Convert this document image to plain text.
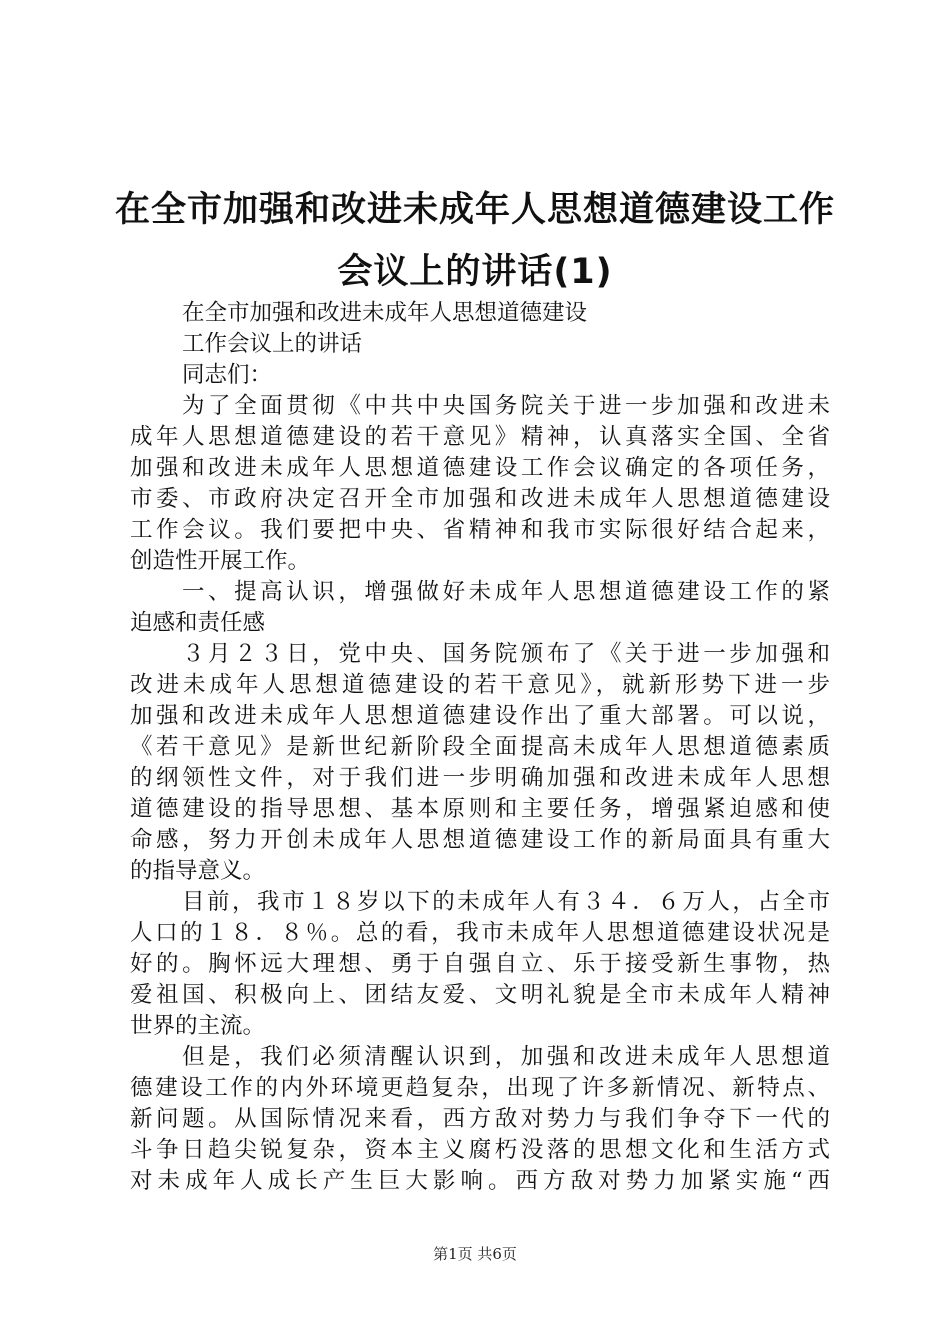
在全市加强和改进未成年人思想道德建设工作
会议上的讲话(1)
在全市加强和改进未成年人思想道德建设
工作会议上的讲话
同志们：
为了全面贯彻《中共中央国务院关于进一步加强和改进未
成年人思想道德建设的若干意见》精神，认真落实全国、全省
加强和改进未成年人思想道德建设工作会议确定的各项任务，
市委、市政府决定召开全市加强和改进未成年人思想道德建设
工作会议。我们要把中央、省精神和我市实际很好结合起来，
创造性开展工作。
一、提高认识，增强做好未成年人思想道德建设工作的紧
迫感和责任感
３月２３日，党中央、国务院颁布了《关于进一步加强和
改进未成年人思想道德建设的若干意见》，就新形势下进一步
加强和改进未成年人思想道德建设作出了重大部署。可以说，
《若干意见》是新世纪新阶段全面提高未成年人思想道德素质
的纲领性文件，对于我们进一步明确加强和改进未成年人思想
道德建设的指导思想、基本原则和主要任务，增强紧迫感和使
命感，努力开创未成年人思想道德建设工作的新局面具有重大
的指导意义。
目前，我市１８岁以下的未成年人有３４．６万人，占全市
人口的１８．８％。总的看，我市未成年人思想道德建设状况是
好的。胸怀远大理想、勇于自强自立、乐于接受新生事物，热
爱祖国、积极向上、团结友爱、文明礼貌是全市未成年人精神
世界的主流。
但是，我们必须清醒认识到，加强和改进未成年人思想道
德建设工作的内外环境更趋复杂，出现了许多新情况、新特点、
新问题。从国际情况来看，西方敌对势力与我们争夺下一代的
斗争日趋尖锐复杂，资本主义腐朽没落的思想文化和生活方式
对未成年人成长产生巨大影响。西方敌对势力加紧实施“西
第1页 共6页
